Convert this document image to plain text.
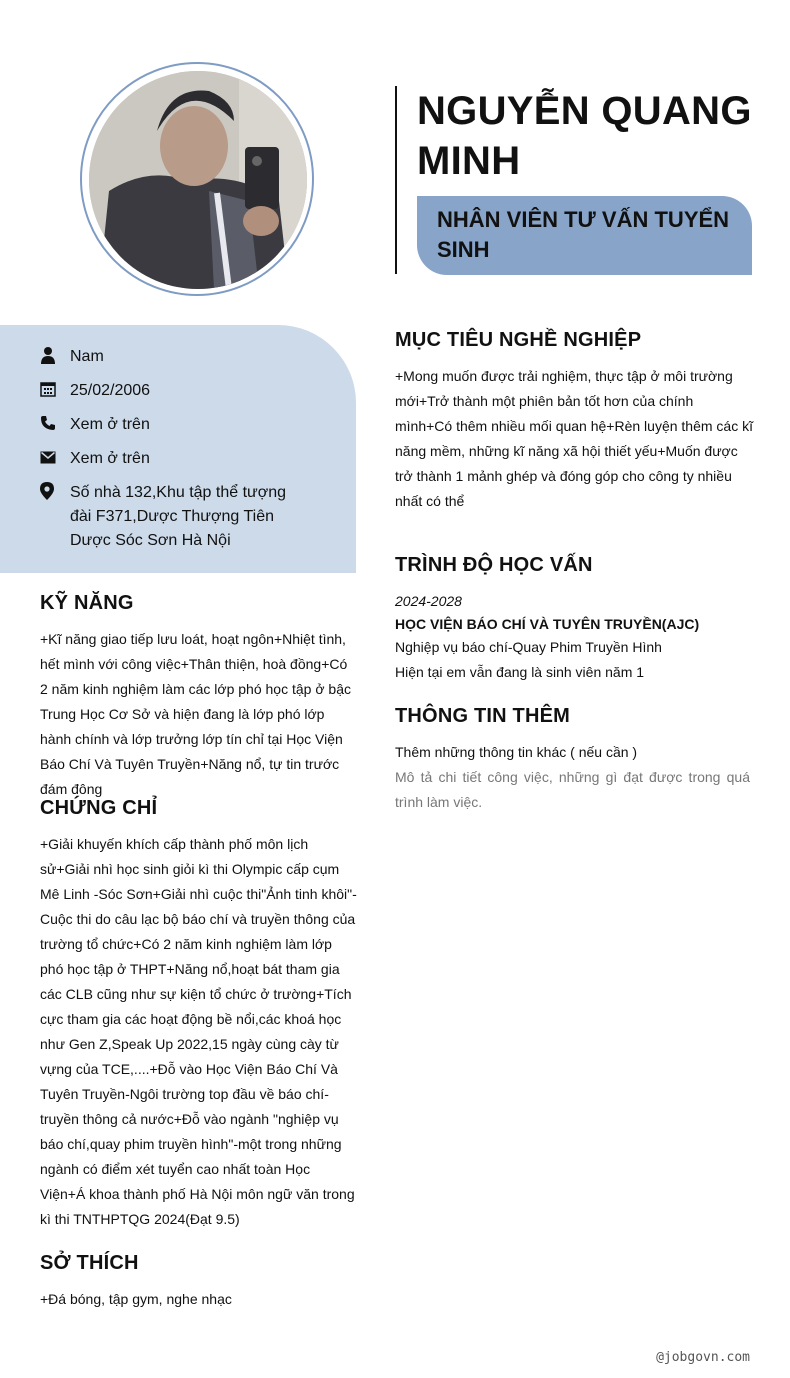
NGUYỄN QUANG MINH
NHÂN VIÊN TƯ VẤN TUYỂN SINH
Nam
25/02/2006
Xem ở trên
Xem ở trên
Số nhà 132,Khu tập thể tượng đài F371,Dược Thượng Tiên Dược Sóc Sơn Hà Nội
KỸ NĂNG

+Kĩ năng giao tiếp lưu loát, hoạt ngôn+Nhiệt tình, hết mình với công việc+Thân thiện, hoà đồng+Có 2 năm kinh nghiệm làm các lớp phó học tập ở bậc Trung Học Cơ Sở và hiện đang là lớp phó lớp hành chính và lớp trưởng lớp tín chỉ tại Học Viện Báo Chí Và Tuyên Truyền+Năng nổ, tự tin trước đám đông

CHỨNG CHỈ

+Giải khuyến khích cấp thành phố môn lịch sử+Giải nhì học sinh giỏi kì thi Olympic cấp cụm Mê Linh -Sóc Sơn+Giải nhì cuộc thi"Ảnh tinh khôi"-Cuộc thi do câu lạc bộ báo chí và truyền thông của trường tổ chức+Có 2 năm kinh nghiệm làm lớp phó học tập ở THPT+Năng nổ,hoạt bát tham gia các CLB cũng như sự kiện tổ chức ở trường+Tích cực tham gia các hoạt động bề nổi,các khoá học như Gen Z,Speak Up 2022,15 ngày cùng cày từ vựng của TCE,....+Đỗ vào Học Viện Báo Chí Và Tuyên Truyền-Ngôi trường top đầu về báo chí-truyền thông cả nước+Đỗ vào ngành "nghiệp vụ báo chí,quay phim truyền hình"-một trong những ngành có điểm xét tuyển cao nhất toàn Học Viện+Á khoa thành phố Hà Nội môn ngữ văn trong kì thi TNTHPTQG 2024(Đạt 9.5)

SỞ THÍCH

+Đá bóng, tập gym, nghe nhạc

MỤC TIÊU NGHỀ NGHIỆP

+Mong muốn được trải nghiệm, thực tập ở môi trường mới+Trở thành một phiên bản tốt hơn của chính mình+Có thêm nhiều mối quan hệ+Rèn luyện thêm các kĩ năng mềm, những kĩ năng xã hội thiết yếu+Muốn được trở thành 1 mảnh ghép và đóng góp cho công ty nhiều nhất có thể

TRÌNH ĐỘ HỌC VẤN
2024-2028
HỌC VIỆN BÁO CHÍ VÀ TUYÊN TRUYỀN(AJC)
Nghiệp vụ báo chí-Quay Phim Truyền Hình
Hiện tại em vẫn đang là sinh viên năm 1
THÔNG TIN THÊM

Thêm những thông tin khác ( nếu cần )

Mô tả chi tiết công việc, những gì đạt được trong quá trình làm việc.

@jobgovn.com
